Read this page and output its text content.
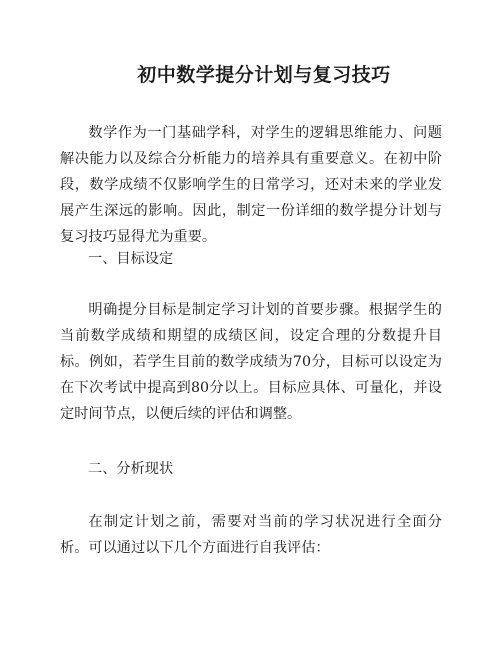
初中数学提分计划与复习技巧

数学作为一门基础学科，对学生的逻辑思维能力、问题解决能力以及综合分析能力的培养具有重要意义。在初中阶段，数学成绩不仅影响学生的日常学习，还对未来的学业发展产生深远的影响。因此，制定一份详细的数学提分计划与复习技巧显得尤为重要。

一、目标设定

明确提分目标是制定学习计划的首要步骤。根据学生的当前数学成绩和期望的成绩区间，设定合理的分数提升目标。例如，若学生目前的数学成绩为70分，目标可以设定为在下次考试中提高到80分以上。目标应具体、可量化，并设定时间节点，以便后续的评估和调整。

二、分析现状

在制定计划之前，需要对当前的学习状况进行全面分析。可以通过以下几个方面进行自我评估：
